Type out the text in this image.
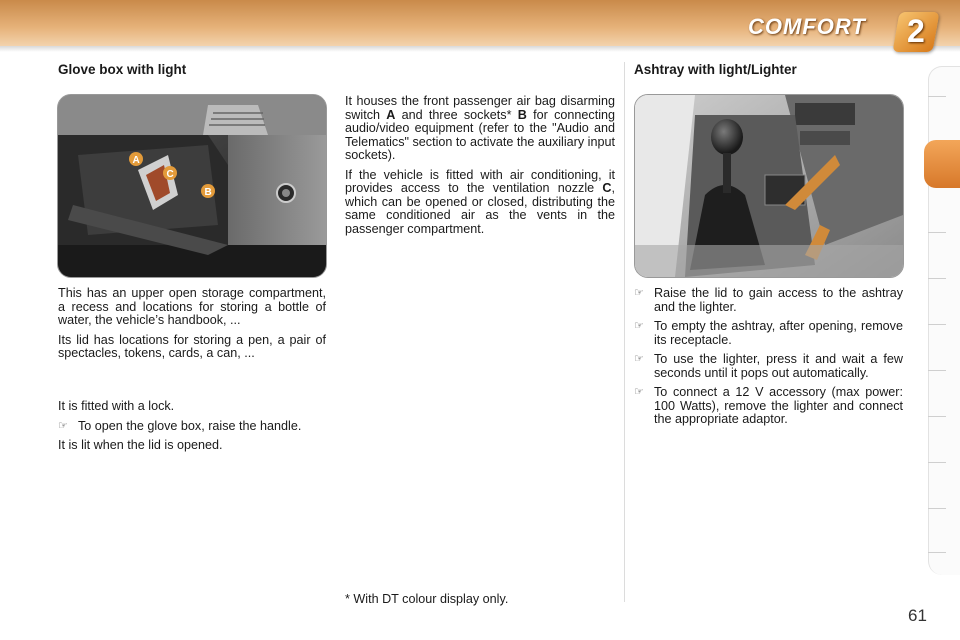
COMFORT 2
Glove box with light
A
C
B

This has an upper open storage compartment, a recess and locations for storing a bottle of water, the vehicle’s handbook, ...

Its lid has locations for storing a pen, a pair of spectacles, tokens, cards, a can, ...

It is fitted with a lock.

☞ To open the glove box, raise the handle.

It is lit when the lid is opened.

It houses the front passenger air bag disarming switch A and three sockets* B for connecting audio/video equipment (refer to the "Audio and Telematics" section to activate the auxiliary input sockets).

If the vehicle is fitted with air conditioning, it provides access to the ventilation nozzle C, which can be opened or closed, distributing the same conditioned air as the vents in the passenger compartment.

* With DT colour display only.
Ashtray with light/Lighter
☞ Raise the lid to gain access to the ashtray and the lighter.
☞ To empty the ashtray, after opening, remove its receptacle.
☞ To use the lighter, press it and wait a few seconds until it pops out automatically.
☞ To connect a 12 V accessory (max power: 100 Watts), remove the lighter and connect the appropriate adaptor.
61
